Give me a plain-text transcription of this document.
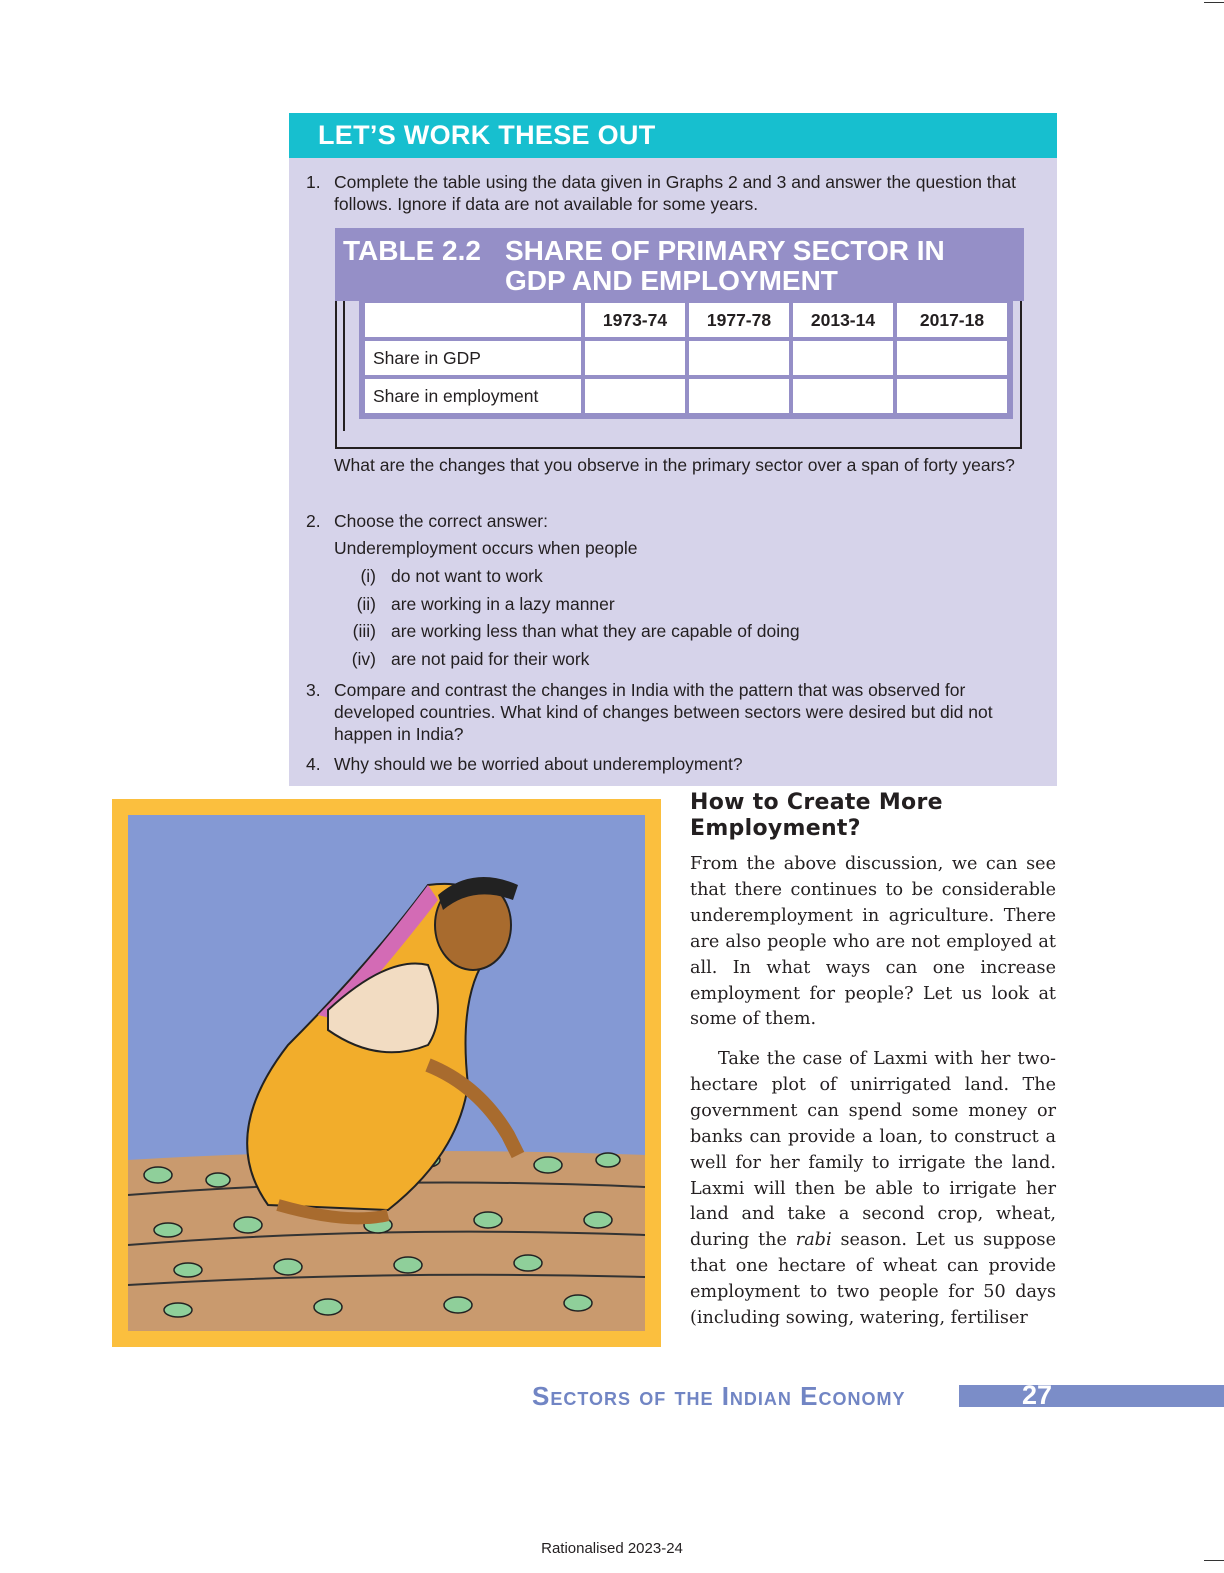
LET’S WORK THESE OUT
1. Complete the table using the data given in Graphs 2 and 3 and answer the question that follows. Ignore if data are not available for some years.
TABLE 2.2 SHARE OF PRIMARY SECTOR IN GDP AND EMPLOYMENT
	1973-74	1977-78	2013-14	2017-18
Share in GDP				
Share in employment				
What are the changes that you observe in the primary sector over a span of forty years?
2. Choose the correct answer:
Underemployment occurs when people
(i) do not want to work
(ii) are working in a lazy manner
(iii) are working less than what they are capable of doing
(iv) are not paid for their work
3. Compare and contrast the changes in India with the pattern that was observed for developed countries. What kind of changes between sectors were desired but did not happen in India?
4. Why should we be worried about underemployment?
How to Create More Employment?
From the above discussion, we can see that there continues to be considerable underemployment in agriculture. There are also people who are not employed at all. In what ways can one increase employment for people? Let us look at some of them.
Take the case of Laxmi with her two-hectare plot of unirrigated land. The government can spend some money or banks can provide a loan, to construct a well for her family to irrigate the land. Laxmi will then be able to irrigate her land and take a second crop, wheat, during the rabi season. Let us suppose that one hectare of wheat can provide employment to two people for 50 days (including sowing, watering, fertiliser
Sectors of the Indian Economy	27
Rationalised 2023-24
